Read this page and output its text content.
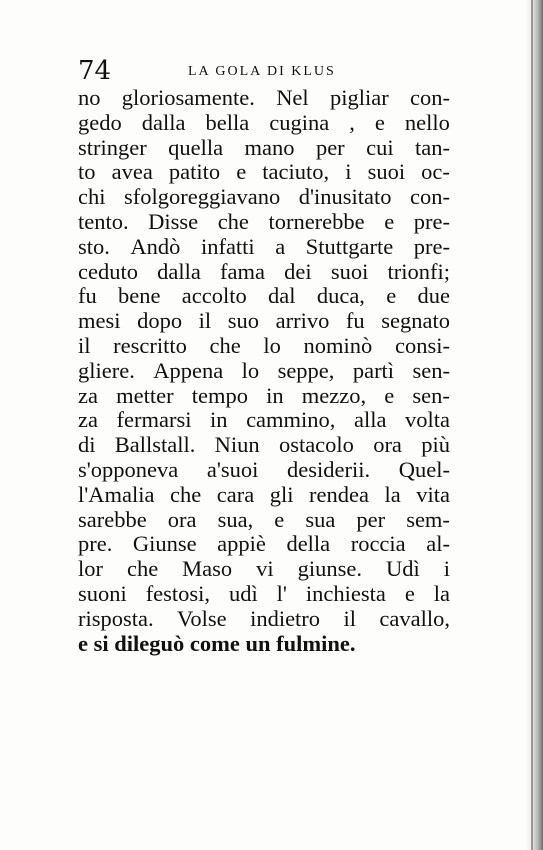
74	LA GOLA DI KLUS
no gloriosamente. Nel pigliar con-
gedo dalla bella cugina , e nello
stringer quella mano per cui tan-
to avea patito e taciuto, i suoi oc-
chi sfolgoreggiavano d'inusitato con-
tento. Disse che tornerebbe e pre-
sto. Andò infatti a Stuttgarte pre-
ceduto dalla fama dei suoi trionfi;
fu bene accolto dal duca, e due
mesi dopo il suo arrivo fu segnato
il rescritto che lo nominò consi-
gliere. Appena lo seppe, partì sen-
za metter tempo in mezzo, e sen-
za fermarsi in cammino, alla volta
di Ballstall. Niun ostacolo ora più
s'opponeva a'suoi desiderii. Quel-
l'Amalia che cara gli rendea la vita
sarebbe ora sua, e sua per sem-
pre. Giunse appiè della roccia al-
lor che Maso vi giunse. Udì i
suoni festosi, udì l' inchiesta e la
risposta. Volse indietro il cavallo,
e si dileguò come un fulmine.
